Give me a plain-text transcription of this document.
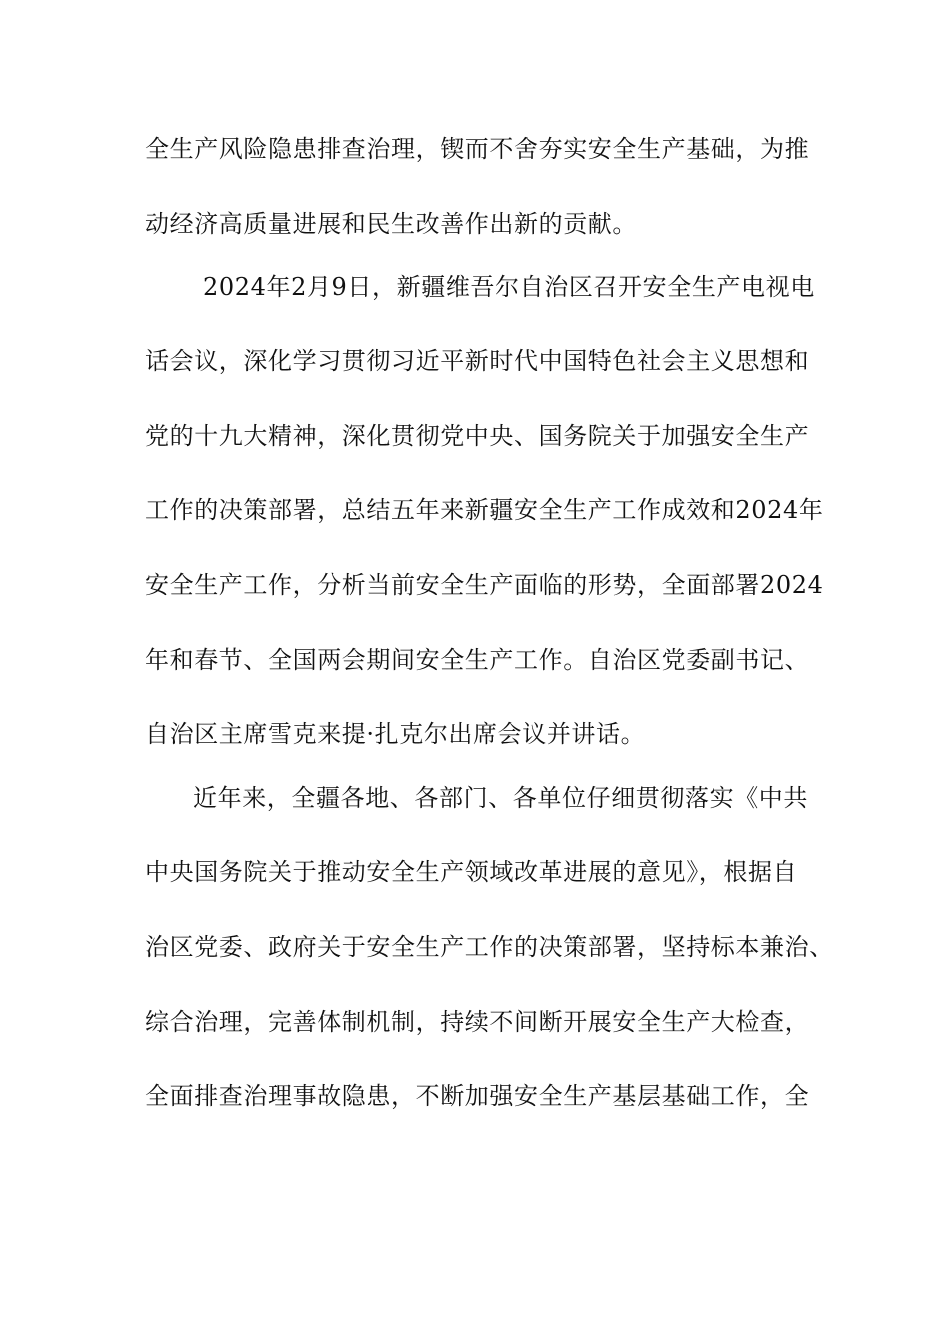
全生产风险隐患排查治理，锲而不舍夯实安全生产基础，为推
动经济高质量进展和民生改善作出新的贡献。
2024年2月9日，新疆维吾尔自治区召开安全生产电视电
话会议，深化学习贯彻习近平新时代中国特色社会主义思想和
党的十九大精神，深化贯彻党中央、国务院关于加强安全生产
工作的决策部署，总结五年来新疆安全生产工作成效和2024年
安全生产工作，分析当前安全生产面临的形势，全面部署2024
年和春节、全国两会期间安全生产工作。自治区党委副书记、
自治区主席雪克来提·扎克尔出席会议并讲话。
近年来，全疆各地、各部门、各单位仔细贯彻落实《中共
中央国务院关于推动安全生产领域改革进展的意见》，根据自
治区党委、政府关于安全生产工作的决策部署，坚持标本兼治、
综合治理，完善体制机制，持续不间断开展安全生产大检查，
全面排查治理事故隐患，不断加强安全生产基层基础工作，全
